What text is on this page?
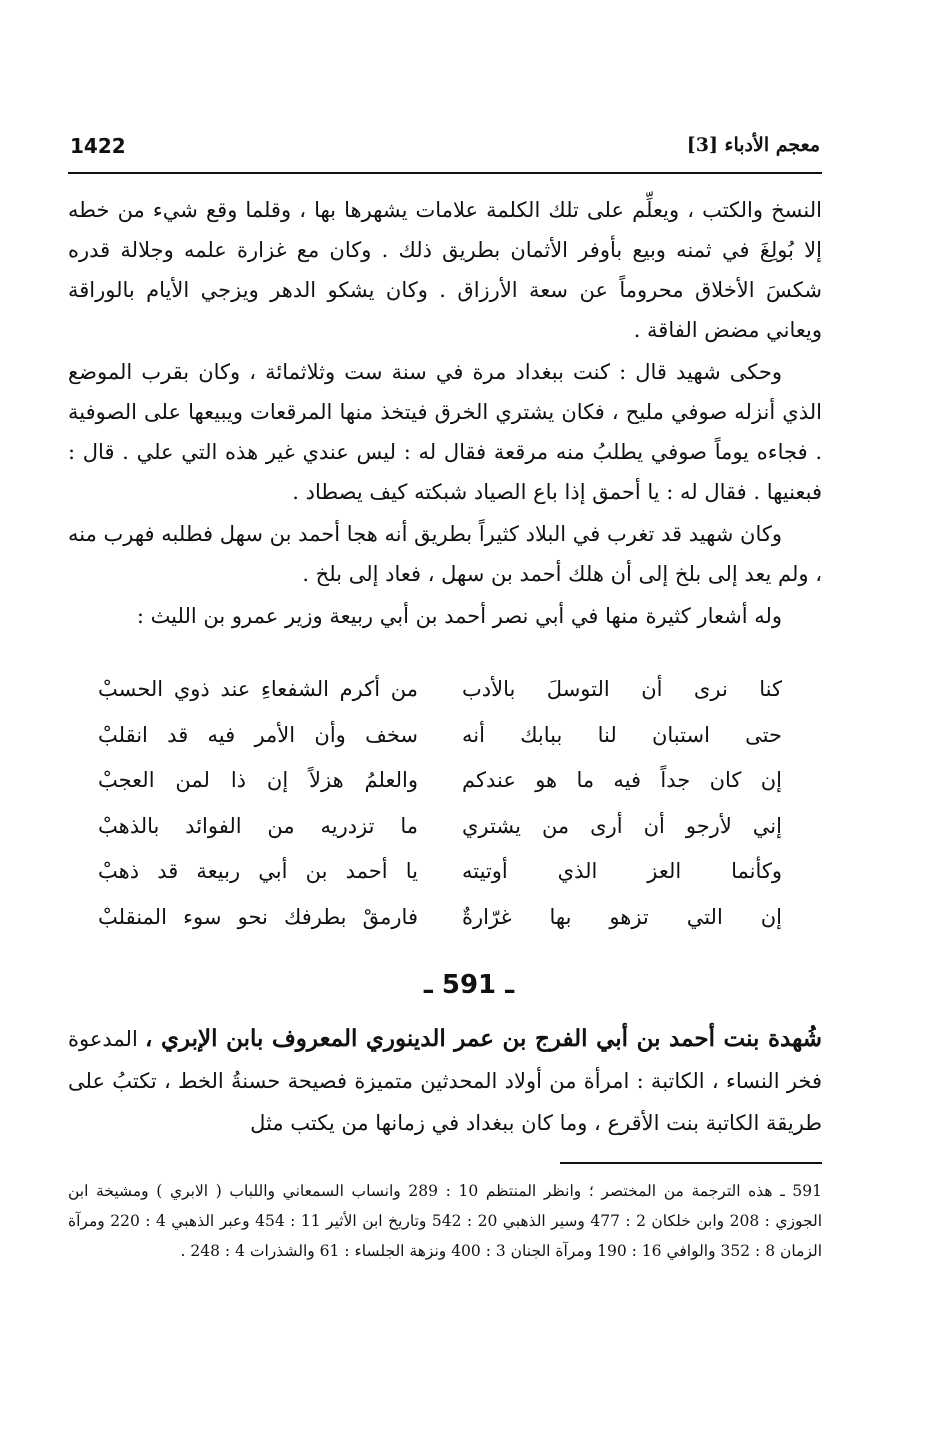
معجم الأدباء [3]
1422

النسخ والكتب ، ويعلِّم على تلك الكلمة علامات يشهرها بها ، وقلما وقع شيء من خطه إلا بُولِغَ في ثمنه وبيع بأوفر الأثمان بطريق ذلك . وكان مع غزارة علمه وجلالة قدره شكسَ الأخلاق محروماً عن سعة الأرزاق . وكان يشكو الدهر ويزجي الأيام بالوراقة ويعاني مضض الفاقة .

وحكى شهيد قال : كنت ببغداد مرة في سنة ست وثلاثمائة ، وكان بقرب الموضع الذي أنزله صوفي مليح ، فكان يشتري الخرق فيتخذ منها المرقعات ويبيعها على الصوفية . فجاءه يوماً صوفي يطلبُ منه مرقعة فقال له : ليس عندي غير هذه التي علي . قال : فبعنيها . فقال له : يا أحمق إذا باع الصياد شبكته كيف يصطاد .

وكان شهيد قد تغرب في البلاد كثيراً بطريق أنه هجا أحمد بن سهل فطلبه فهرب منه ، ولم يعد إلى بلخ إلى أن هلك أحمد بن سهل ، فعاد إلى بلخ .

وله أشعار كثيرة منها في أبي نصر أحمد بن أبي ربيعة وزير عمرو بن الليث :

كنا نرى أن التوسلَ بالأدب
من أكرم الشفعاءِ عند ذوي الحسبْ
حتى استبان لنا ببابك أنه
سخف وأن الأمر فيه قد انقلبْ
إن كان جداً فيه ما هو عندكم
والعلمُ هزلاً إن ذا لمن العجبْ
إني لأرجو أن أرى من يشتري
ما تزدريه من الفوائد بالذهبْ
وكأنما العز الذي أوتيته
يا أحمد بن أبي ربيعة قد ذهبْ
إن التي تزهو بها غرّارةٌ
فارمقْ بطرفك نحو سوء المنقلبْ
ـ 591 ـ
شُهدة بنت أحمد بن أبي الفرج بن عمر الدينوري المعروف بابن الإبري ، المدعوة فخر النساء ، الكاتبة : امرأة من أولاد المحدثين متميزة فصيحة حسنةُ الخط ، تكتبُ على طريقة الكاتبة بنت الأقرع ، وما كان ببغداد في زمانها من يكتب مثل

591 ـ هذه الترجمة من المختصر ؛ وانظر المنتظم 10 : 289 وانساب السمعاني واللباب ( الابري ) ومشيخة ابن الجوزي : 208 وابن خلكان 2 : 477 وسير الذهبي 20 : 542 وتاريخ ابن الأثير 11 : 454 وعبر الذهبي 4 : 220 ومرآة الزمان 8 : 352 والوافي 16 : 190 ومرآة الجنان 3 : 400 ونزهة الجلساء : 61 والشذرات 4 : 248 .
